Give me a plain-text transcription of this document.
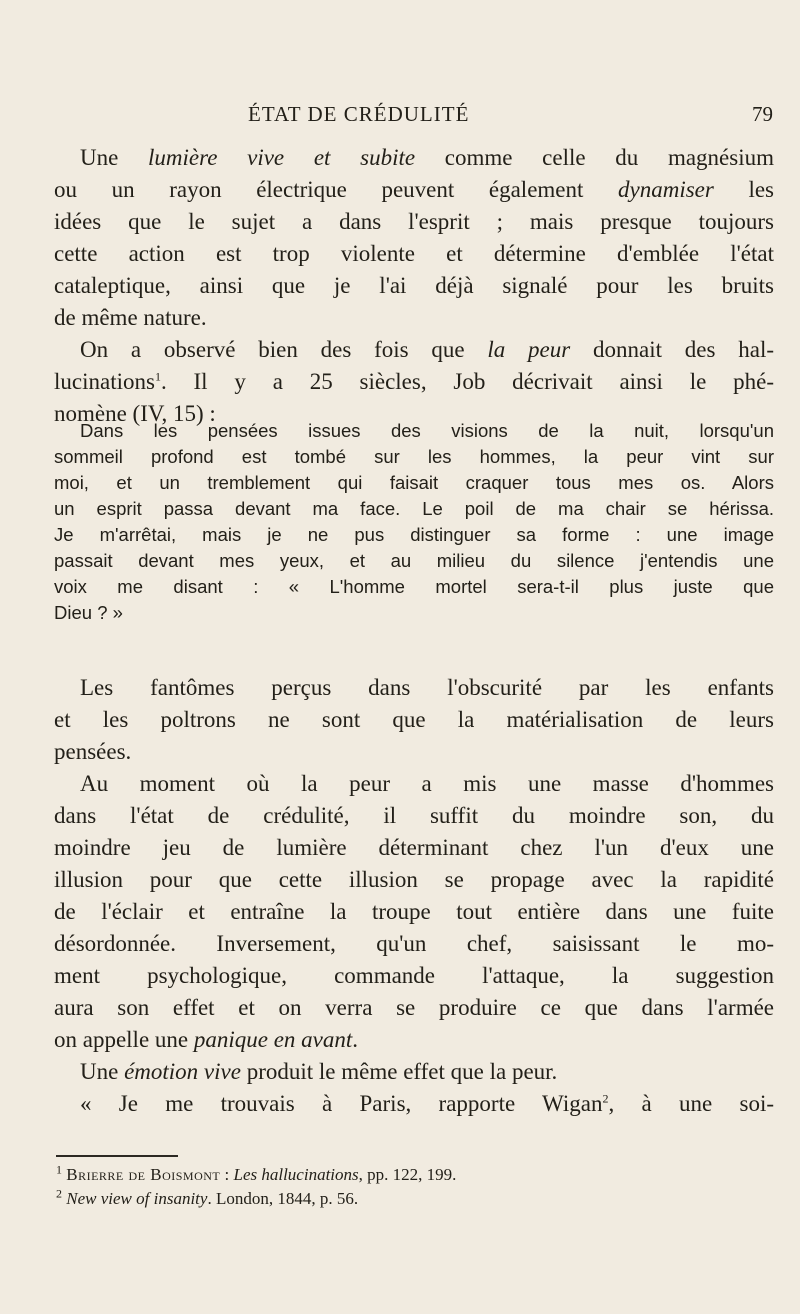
ÉTAT DE CRÉDULITÉ	79
Une lumière vive et subite comme celle du magnésium
ou un rayon électrique peuvent également dynamiser les
idées que le sujet a dans l'esprit ; mais presque toujours
cette action est trop violente et détermine d'emblée l'état
cataleptique, ainsi que je l'ai déjà signalé pour les bruits
de même nature.
On a observé bien des fois que la peur donnait des hal-
lucinations$^1$. Il y a 25 siècles, Job décrivait ainsi le phé-
nomène (IV, 15) :
Dans les pensées issues des visions de la nuit, lorsqu'un
sommeil profond est tombé sur les hommes, la peur vint sur
moi, et un tremblement qui faisait craquer tous mes os. Alors
un esprit passa devant ma face. Le poil de ma chair se hérissa.
Je m'arrêtai, mais je ne pus distinguer sa forme : une image
passait devant mes yeux, et au milieu du silence j'entendis une
voix me disant : « L'homme mortel sera-t-il plus juste que
Dieu ? »
Les fantômes perçus dans l'obscurité par les enfants
et les poltrons ne sont que la matérialisation de leurs
pensées.
Au moment où la peur a mis une masse d'hommes
dans l'état de crédulité, il suffit du moindre son, du
moindre jeu de lumière déterminant chez l'un d'eux une
illusion pour que cette illusion se propage avec la rapidité
de l'éclair et entraîne la troupe tout entière dans une fuite
désordonnée. Inversement, qu'un chef, saisissant le mo-
ment psychologique, commande l'attaque, la suggestion
aura son effet et on verra se produire ce que dans l'armée
on appelle une panique en avant.
Une émotion vive produit le même effet que la peur.
« Je me trouvais à Paris, rapporte Wigan$^2$, à une soi-
$^1$ Brierre de Boismont : Les hallucinations, pp. 122, 199.
$^2$ New view of insanity. London, 1844, p. 56.
